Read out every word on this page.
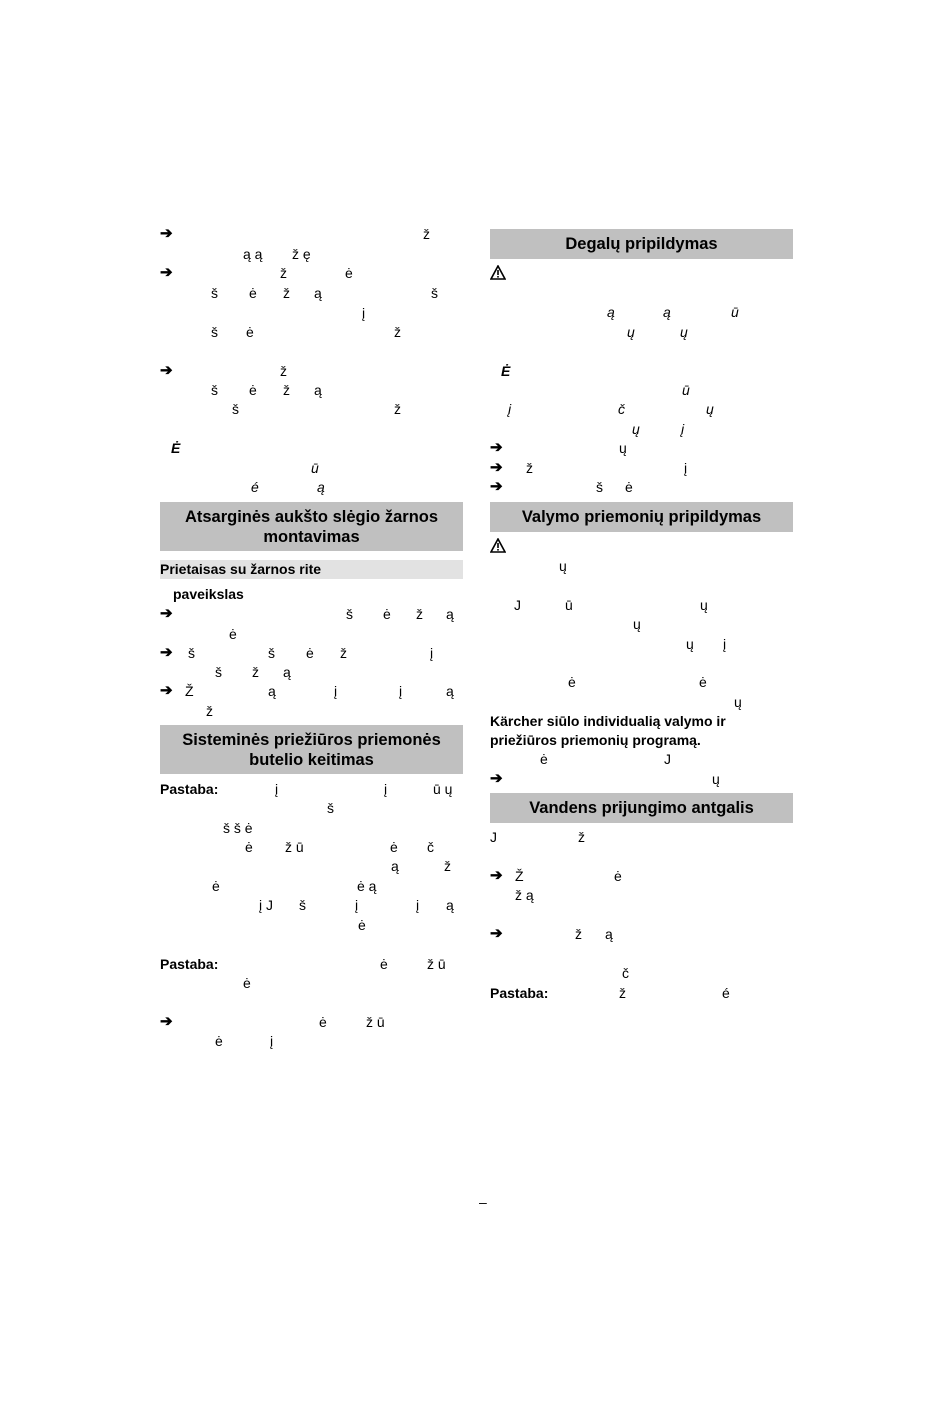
➔	ž
ą ą ž ę
➔	ž	ė
š ė ž ą	š
į
š ė	ž
➔	ž
š ė ž ą
š	ž
Ė
ū
é	ą
Atsarginės aukšto slėgio žarnos montavimas
Prietaisas su žarnos rite
paveikslas
➔	š ė ž ą
ė
➔ š	š ė ž	į
š ž ą
➔ Ž	ą	į	į	ą
ž
Sisteminės priežiūros priemonės butelio keitimas
Pastaba:	į	į	ū ų
š
š š ė
ė ž ū	ė č
ą	ž
ė	ė ą
į J š	į	į ą
ė
Pastaba:	ė	ž ū
ė
➔	ė	ž ū
ė	į
Degalų pripildymas
ą	ą	ū
ų	ų
Ė
ū
į	č	ų
ų	į
➔	ų
➔ ž	į
➔	š ė
Valymo priemonių pripildymas
ų
J	ū	ų
ų
ų į
ė	ė
ų
Kärcher siūlo individualią valymo ir priežiūros priemonių programą.
ė	J
➔	ų
Vandens prijungimo antgalis
J	ž
➔ Ž	ė
ž ą
➔	ž ą
č
Pastaba:	ž	é
–
